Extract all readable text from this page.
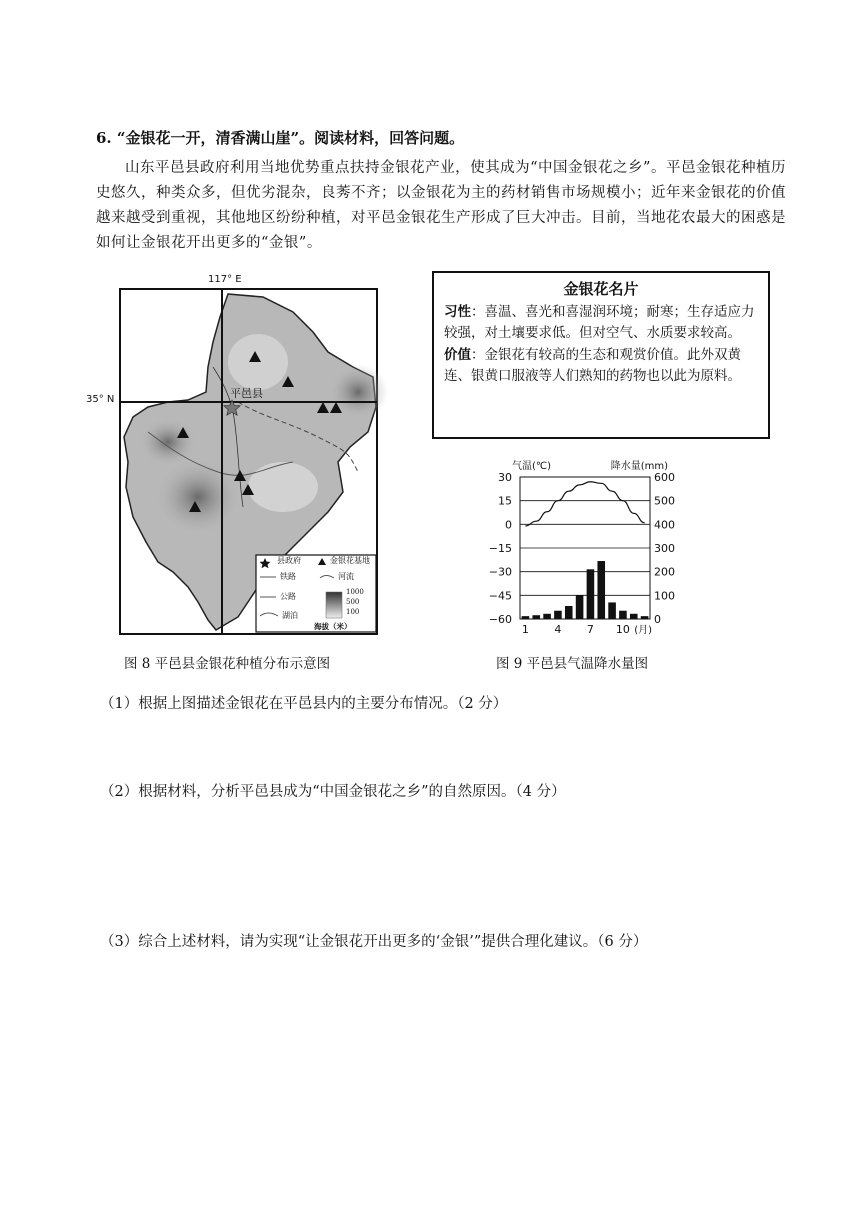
6. “金银花一开，清香满山崖”。阅读材料，回答问题。
山东平邑县政府利用当地优势重点扶持金银花产业，使其成为“中国金银花之乡”。平邑金银花种植历史悠久，种类众多，但优劣混杂，良莠不齐；以金银花为主的药材销售市场规模小；近年来金银花的价值越来越受到重视，其他地区纷纷种植，对平邑金银花生产形成了巨大冲击。目前，当地花农最大的困惑是如何让金银花开出更多的“金银”。
117° E
35° N	平邑县
县政府	金银花基地
铁路	河流
公路
湖泊
1000
500
100
海拔（米）
金银花名片
习性：喜温、喜光和喜湿润环境；耐寒；生存适应力较强，对土壤要求低。但对空气、水质要求较高。
价值：金银花有较高的生态和观赏价值。此外双黄连、银黄口服液等人们熟知的药物也以此为原料。
30	600
15	500
0	400
−15	300
−30	200
−45	100
−60	0
气温(℃)	降水量(mm)
1 4 7 10 (月)
图 8 平邑县金银花种植分布示意图	图 9 平邑县气温降水量图
（1）根据上图描述金银花在平邑县内的主要分布情况。（2 分）
（2）根据材料，分析平邑县成为“中国金银花之乡”的自然原因。（4 分）
（3）综合上述材料，请为实现“让金银花开出更多的‘金银’”提供合理化建议。（6 分）
